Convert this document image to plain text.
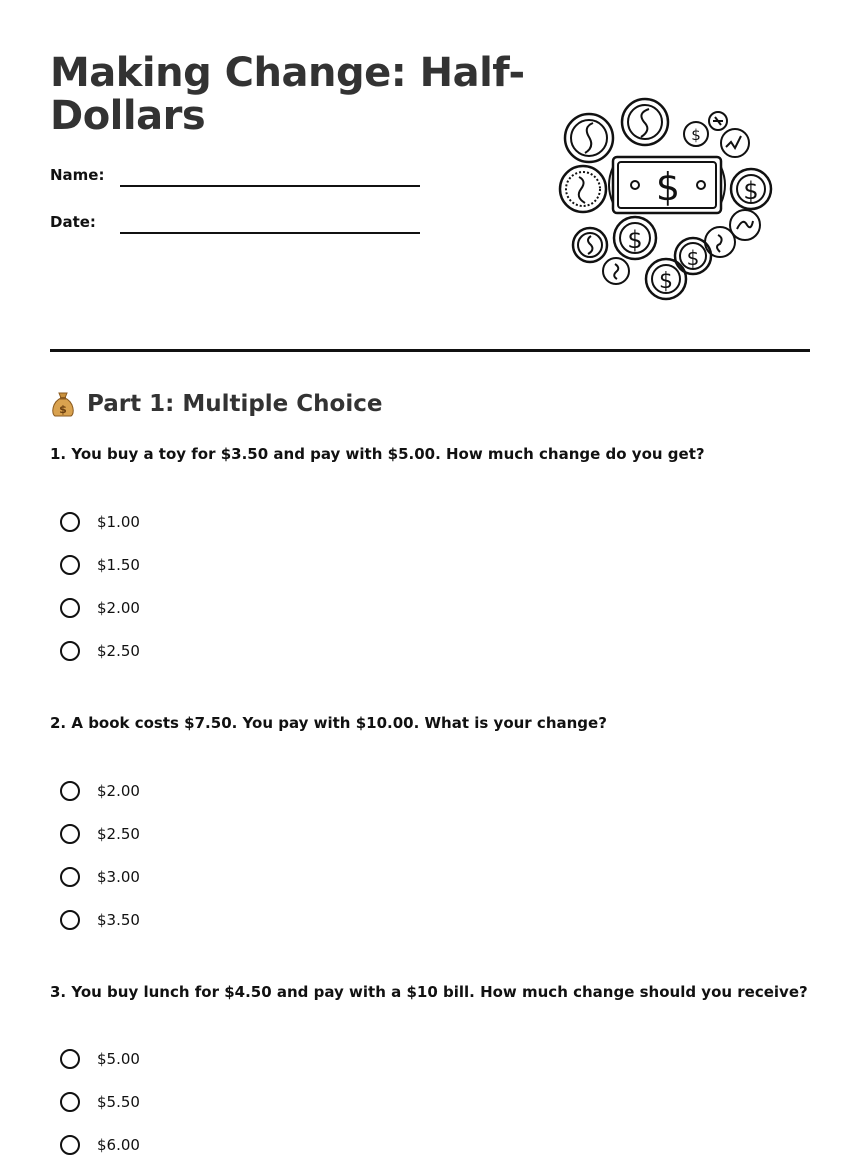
Making Change: Half-Dollars
Name:
Date:
$
$
$
$
$
$
$ Part 1: Multiple Choice
1. You buy a toy for $3.50 and pay with $5.00. How much change do you get?
$1.00
$1.50
$2.00
$2.50
2. A book costs $7.50. You pay with $10.00. What is your change?
$2.00
$2.50
$3.00
$3.50
3. You buy lunch for $4.50 and pay with a $10 bill. How much change should you receive?
$5.00
$5.50
$6.00
